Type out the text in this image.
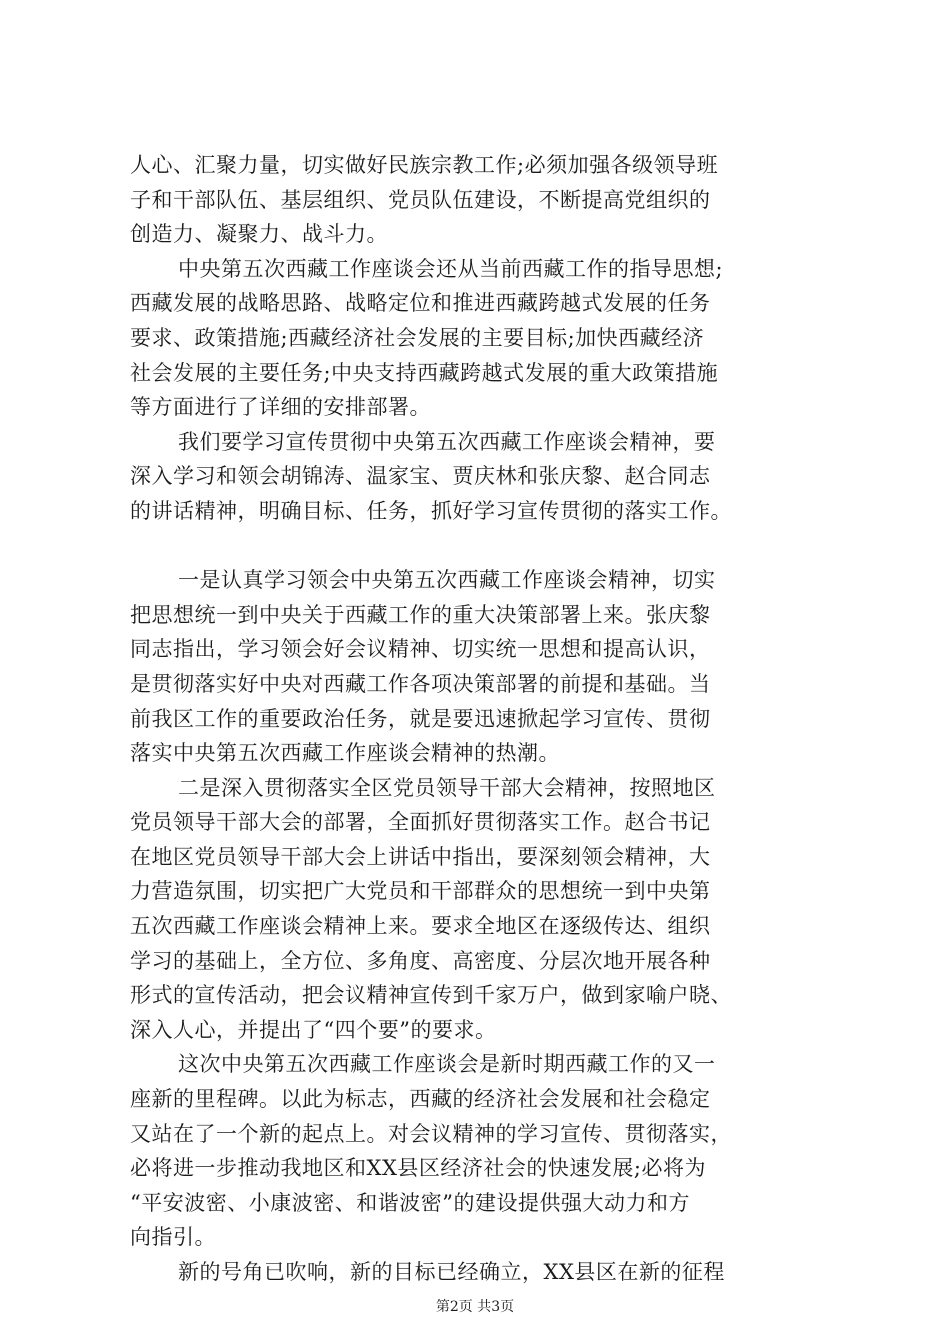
人心、汇聚力量，切实做好民族宗教工作;必须加强各级领导班
子和干部队伍、基层组织、党员队伍建设，不断提高党组织的
创造力、凝聚力、战斗力。
中央第五次西藏工作座谈会还从当前西藏工作的指导思想;
西藏发展的战略思路、战略定位和推进西藏跨越式发展的任务
要求、政策措施;西藏经济社会发展的主要目标;加快西藏经济
社会发展的主要任务;中央支持西藏跨越式发展的重大政策措施
等方面进行了详细的安排部署。
我们要学习宣传贯彻中央第五次西藏工作座谈会精神，要
深入学习和领会胡锦涛、温家宝、贾庆林和张庆黎、赵合同志
的讲话精神，明确目标、任务，抓好学习宣传贯彻的落实工作。
一是认真学习领会中央第五次西藏工作座谈会精神，切实
把思想统一到中央关于西藏工作的重大决策部署上来。张庆黎
同志指出，学习领会好会议精神、切实统一思想和提高认识，
是贯彻落实好中央对西藏工作各项决策部署的前提和基础。当
前我区工作的重要政治任务，就是要迅速掀起学习宣传、贯彻
落实中央第五次西藏工作座谈会精神的热潮。
二是深入贯彻落实全区党员领导干部大会精神，按照地区
党员领导干部大会的部署，全面抓好贯彻落实工作。赵合书记
在地区党员领导干部大会上讲话中指出，要深刻领会精神，大
力营造氛围，切实把广大党员和干部群众的思想统一到中央第
五次西藏工作座谈会精神上来。要求全地区在逐级传达、组织
学习的基础上，全方位、多角度、高密度、分层次地开展各种
形式的宣传活动，把会议精神宣传到千家万户，做到家喻户晓、
深入人心，并提出了“四个要”的要求。
这次中央第五次西藏工作座谈会是新时期西藏工作的又一
座新的里程碑。以此为标志，西藏的经济社会发展和社会稳定
又站在了一个新的起点上。对会议精神的学习宣传、贯彻落实，
必将进一步推动我地区和XX县区经济社会的快速发展;必将为
“平安波密、小康波密、和谐波密”的建设提供强大动力和方
向指引。
新的号角已吹响，新的目标已经确立，XX县区在新的征程
第2页 共3页
